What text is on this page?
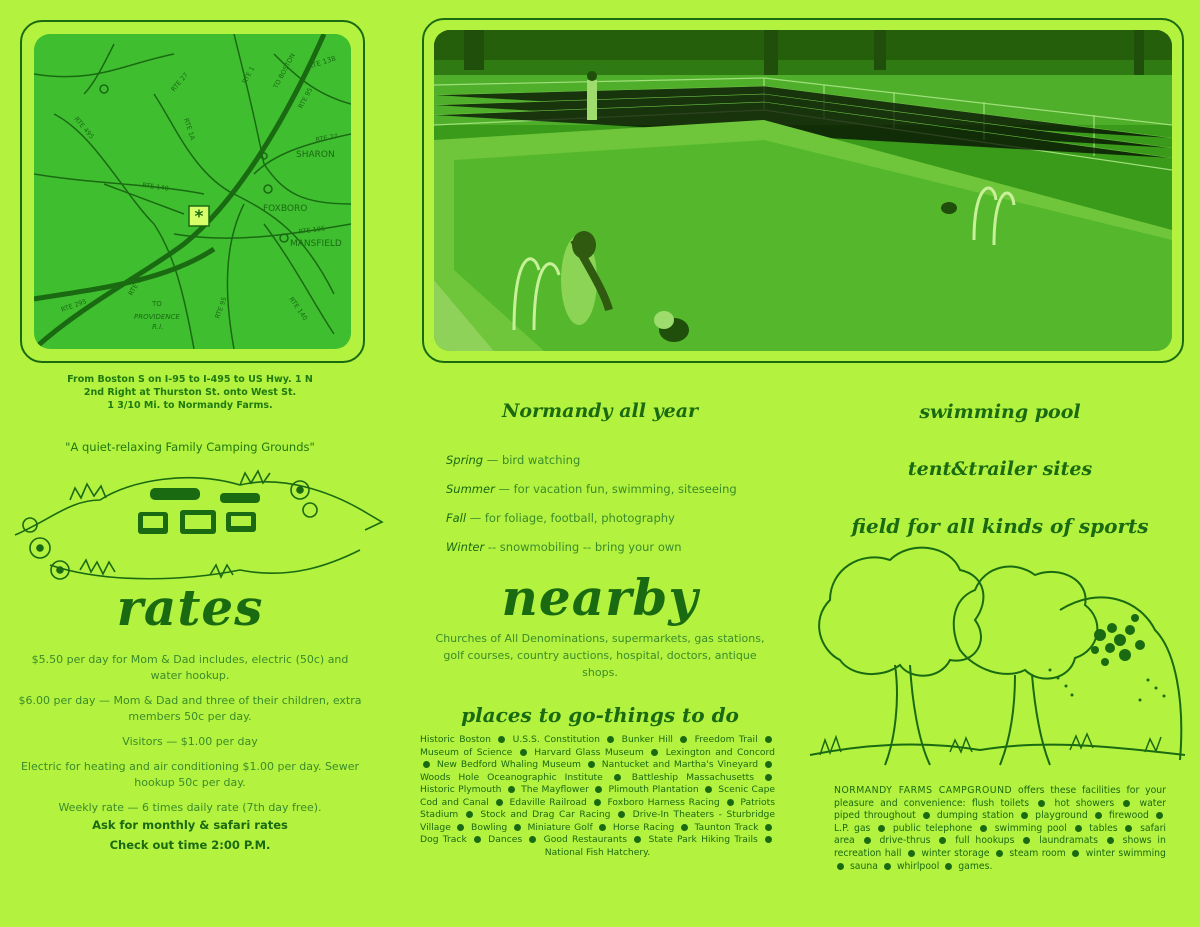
*
RTE 138
TO BOSTON
RTE 1
RTE 27
RTE 495	RTE 1A
RTE 95
RTE 27
SHARON
RTE 140
FOXBORO
RTE 106
MANSFIELD
RTE 1
RTE 95	RTE 140
RTE 295	TO
PROVIDENCE
R.I.
From Boston S on I-95 to I-495 to US Hwy. 1 N
2nd Right at Thurston St. onto West St.
1 3/10 Mi. to Normandy Farms.
"A quiet-relaxing Family Camping Grounds"
rates

$5.50 per day for Mom & Dad includes, electric (50c) and water hookup.

$6.00 per day — Mom & Dad and three of their children, extra members 50c per day.

Visitors — $1.00 per day

Electric for heating and air conditioning $1.00 per day. Sewer hookup 50c per day.

Weekly rate — 6 times daily rate (7th day free).

Ask for monthly & safari rates
Check out time 2:00 P.M.
Normandy all year
Spring — bird watching
Summer — for vacation fun, swimming, siteseeing
Fall — for foliage, football, photography
Winter -- snowmobiling -- bring your own
nearby
Churches of All Denominations, supermarkets, gas stations, golf courses, country auctions, hospital, doctors, antique shops.
places to go-things to do
Historic Boston U.S.S. Constitution Bunker Hill Freedom Trail  Museum of Science Harvard Glass Museum Lexington and Concord  New Bedford Whaling Museum Nantucket and Martha's Vineyard  Woods Hole Oceanographic Institute	Battleship Massachusetts  Historic Plymouth The Mayflower Plimouth Plantation Scenic Cape Cod and Canal Edaville Railroad Foxboro Harness Racing Patriots Stadium Stock and Drag Car Racing Drive-In Theaters - Sturbridge Village Bowling Miniature Golf Horse Racing Taunton Track  Dog Track Dances Good Restaurants State Park Hiking Trails  National Fish Hatchery.
swimming pool
tent&trailer sites
field for all kinds of sports
NORMANDY FARMS CAMPGROUND offers these facilities for your pleasure and convenience: flush toilets	hot showers	water piped throughout dumping station playground firewood  L.P. gas public telephone swimming pool tables safari area	drive-thrus	full hookups	laundramats	shows in recreation hall winter storage steam room winter swimming  sauna whirlpool games.
